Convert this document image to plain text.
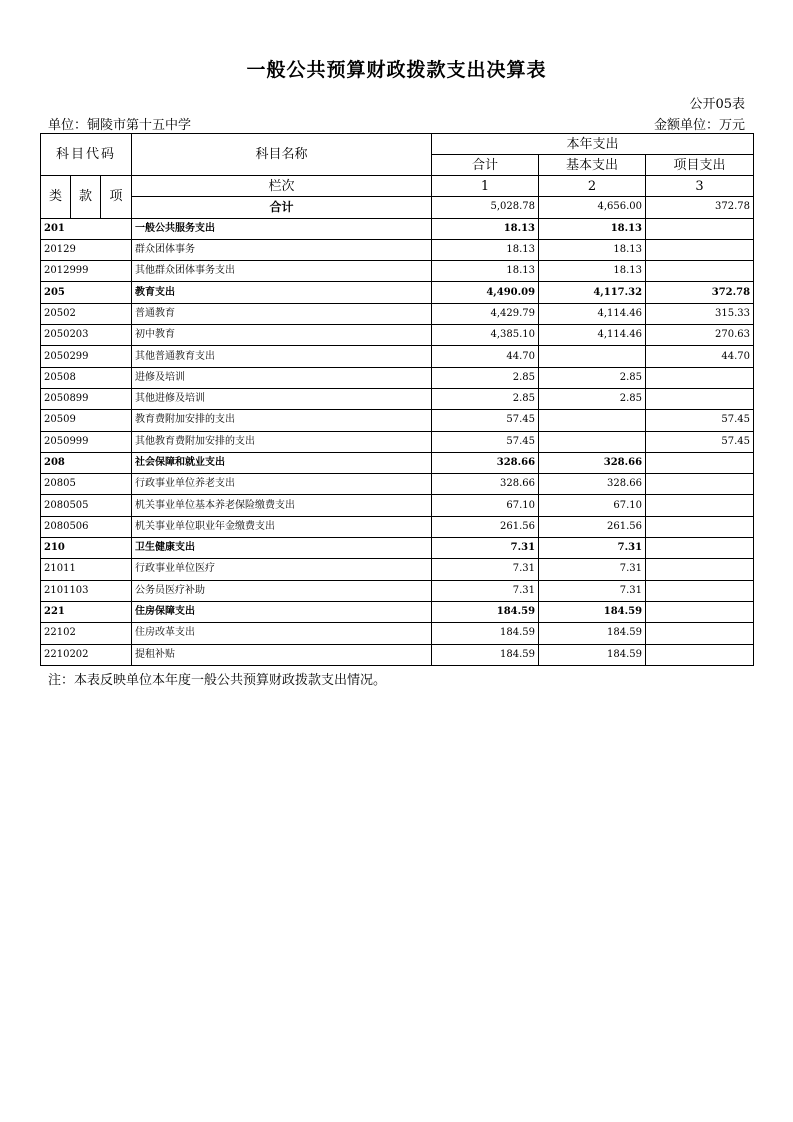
一般公共预算财政拨款支出决算表
公开05表
单位：铜陵市第十五中学	金额单位：万元
科目代码			科目名称	本年支出		
				合计	基本支出	项目支出
类	款	项	栏次	1	2	3
			合计	5,028.78	4,656.00	372.78
201			一般公共服务支出	18.13	18.13	
20129			群众团体事务	18.13	18.13	
2012999			其他群众团体事务支出	18.13	18.13	
205			教育支出	4,490.09	4,117.32	372.78
20502			普通教育	4,429.79	4,114.46	315.33
2050203			初中教育	4,385.10	4,114.46	270.63
2050299			其他普通教育支出	44.70		44.70
20508			进修及培训	2.85	2.85	
2050899			其他进修及培训	2.85	2.85	
20509			教育费附加安排的支出	57.45		57.45
2050999			其他教育费附加安排的支出	57.45		57.45
208			社会保障和就业支出	328.66	328.66	
20805			行政事业单位养老支出	328.66	328.66	
2080505			机关事业单位基本养老保险缴费支出	67.10	67.10	
2080506			机关事业单位职业年金缴费支出	261.56	261.56	
210			卫生健康支出	7.31	7.31	
21011			行政事业单位医疗	7.31	7.31	
2101103			公务员医疗补助	7.31	7.31	
221			住房保障支出	184.59	184.59	
22102			住房改革支出	184.59	184.59	
2210202			提租补贴	184.59	184.59	
注：本表反映单位本年度一般公共预算财政拨款支出情况。
